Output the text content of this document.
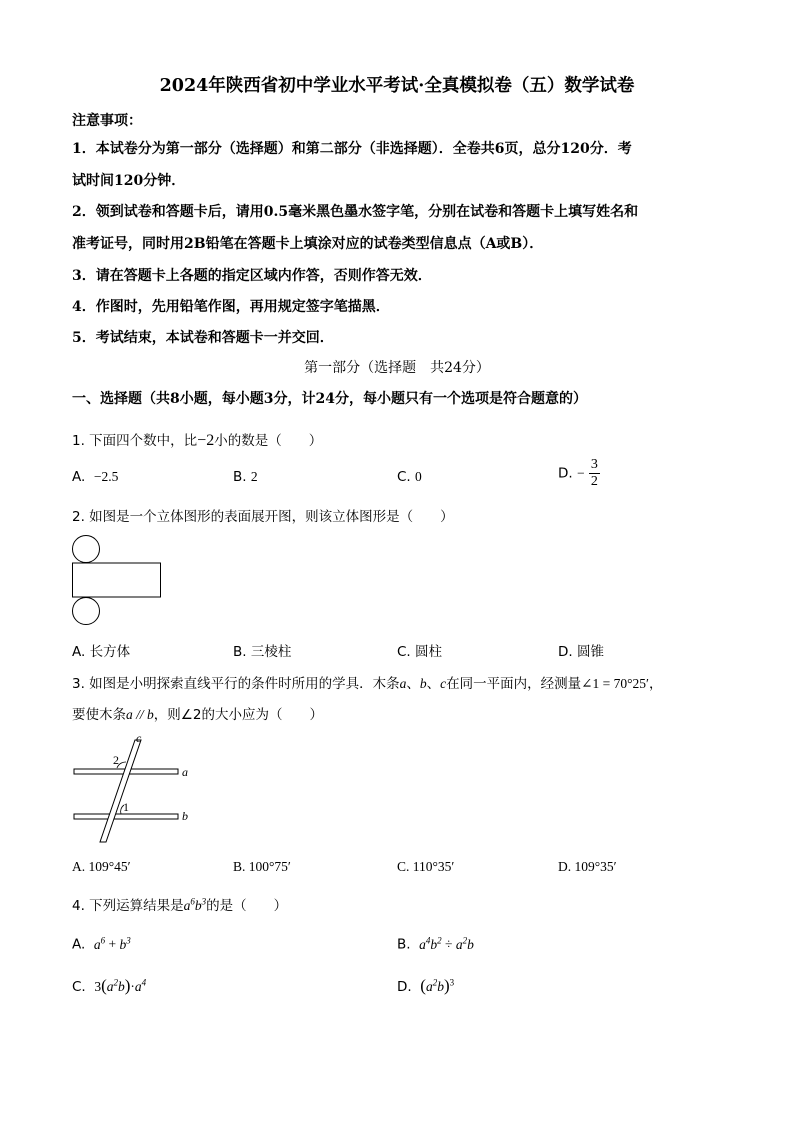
2024年陕西省初中学业水平考试·全真模拟卷（五）数学试卷
注意事项：
1．本试卷分为第一部分（选择题）和第二部分（非选择题）．全卷共6页，总分120分．考
试时间120分钟．
2．领到试卷和答题卡后，请用0.5毫米黑色墨水签字笔，分别在试卷和答题卡上填写姓名和
准考证号，同时用2B铅笔在答题卡上填涂对应的试卷类型信息点（A或B）．
3．请在答题卡上各题的指定区域内作答，否则作答无效．
4．作图时，先用铅笔作图，再用规定签字笔描黑．
5．考试结束，本试卷和答题卡一并交回．
第一部分（选择题　共24分）
一、选择题（共8小题，每小题3分，计24分，每小题只有一个选项是符合题意的）
1. 下面四个数中，比−2小的数是（　　）
A. −2.5	B. 2	C. 0	D. − $\frac{3}{2}$
2. 如图是一个立体图形的表面展开图，则该立体图形是（　　）
A. 长方体	B. 三棱柱	C. 圆柱	D. 圆锥
3. 如图是小明探索直线平行的条件时所用的学具．木条a、b、c在同一平面内，经测量∠1 = 70°25′，
要使木条a // b，则∠2的大小应为（　　）
c
a
b
2
1
A. 109°45′	B. 100°75′	C. 110°35′	D. 109°35′
4. 下列运算结果是$a^6b^3$的是（　　）
A. $a^6 + b^3$	B. $a^4b^2 \div a^2b$
C. $3(a^2b)\cdot a^4$	D. $(a^2b)^3$
